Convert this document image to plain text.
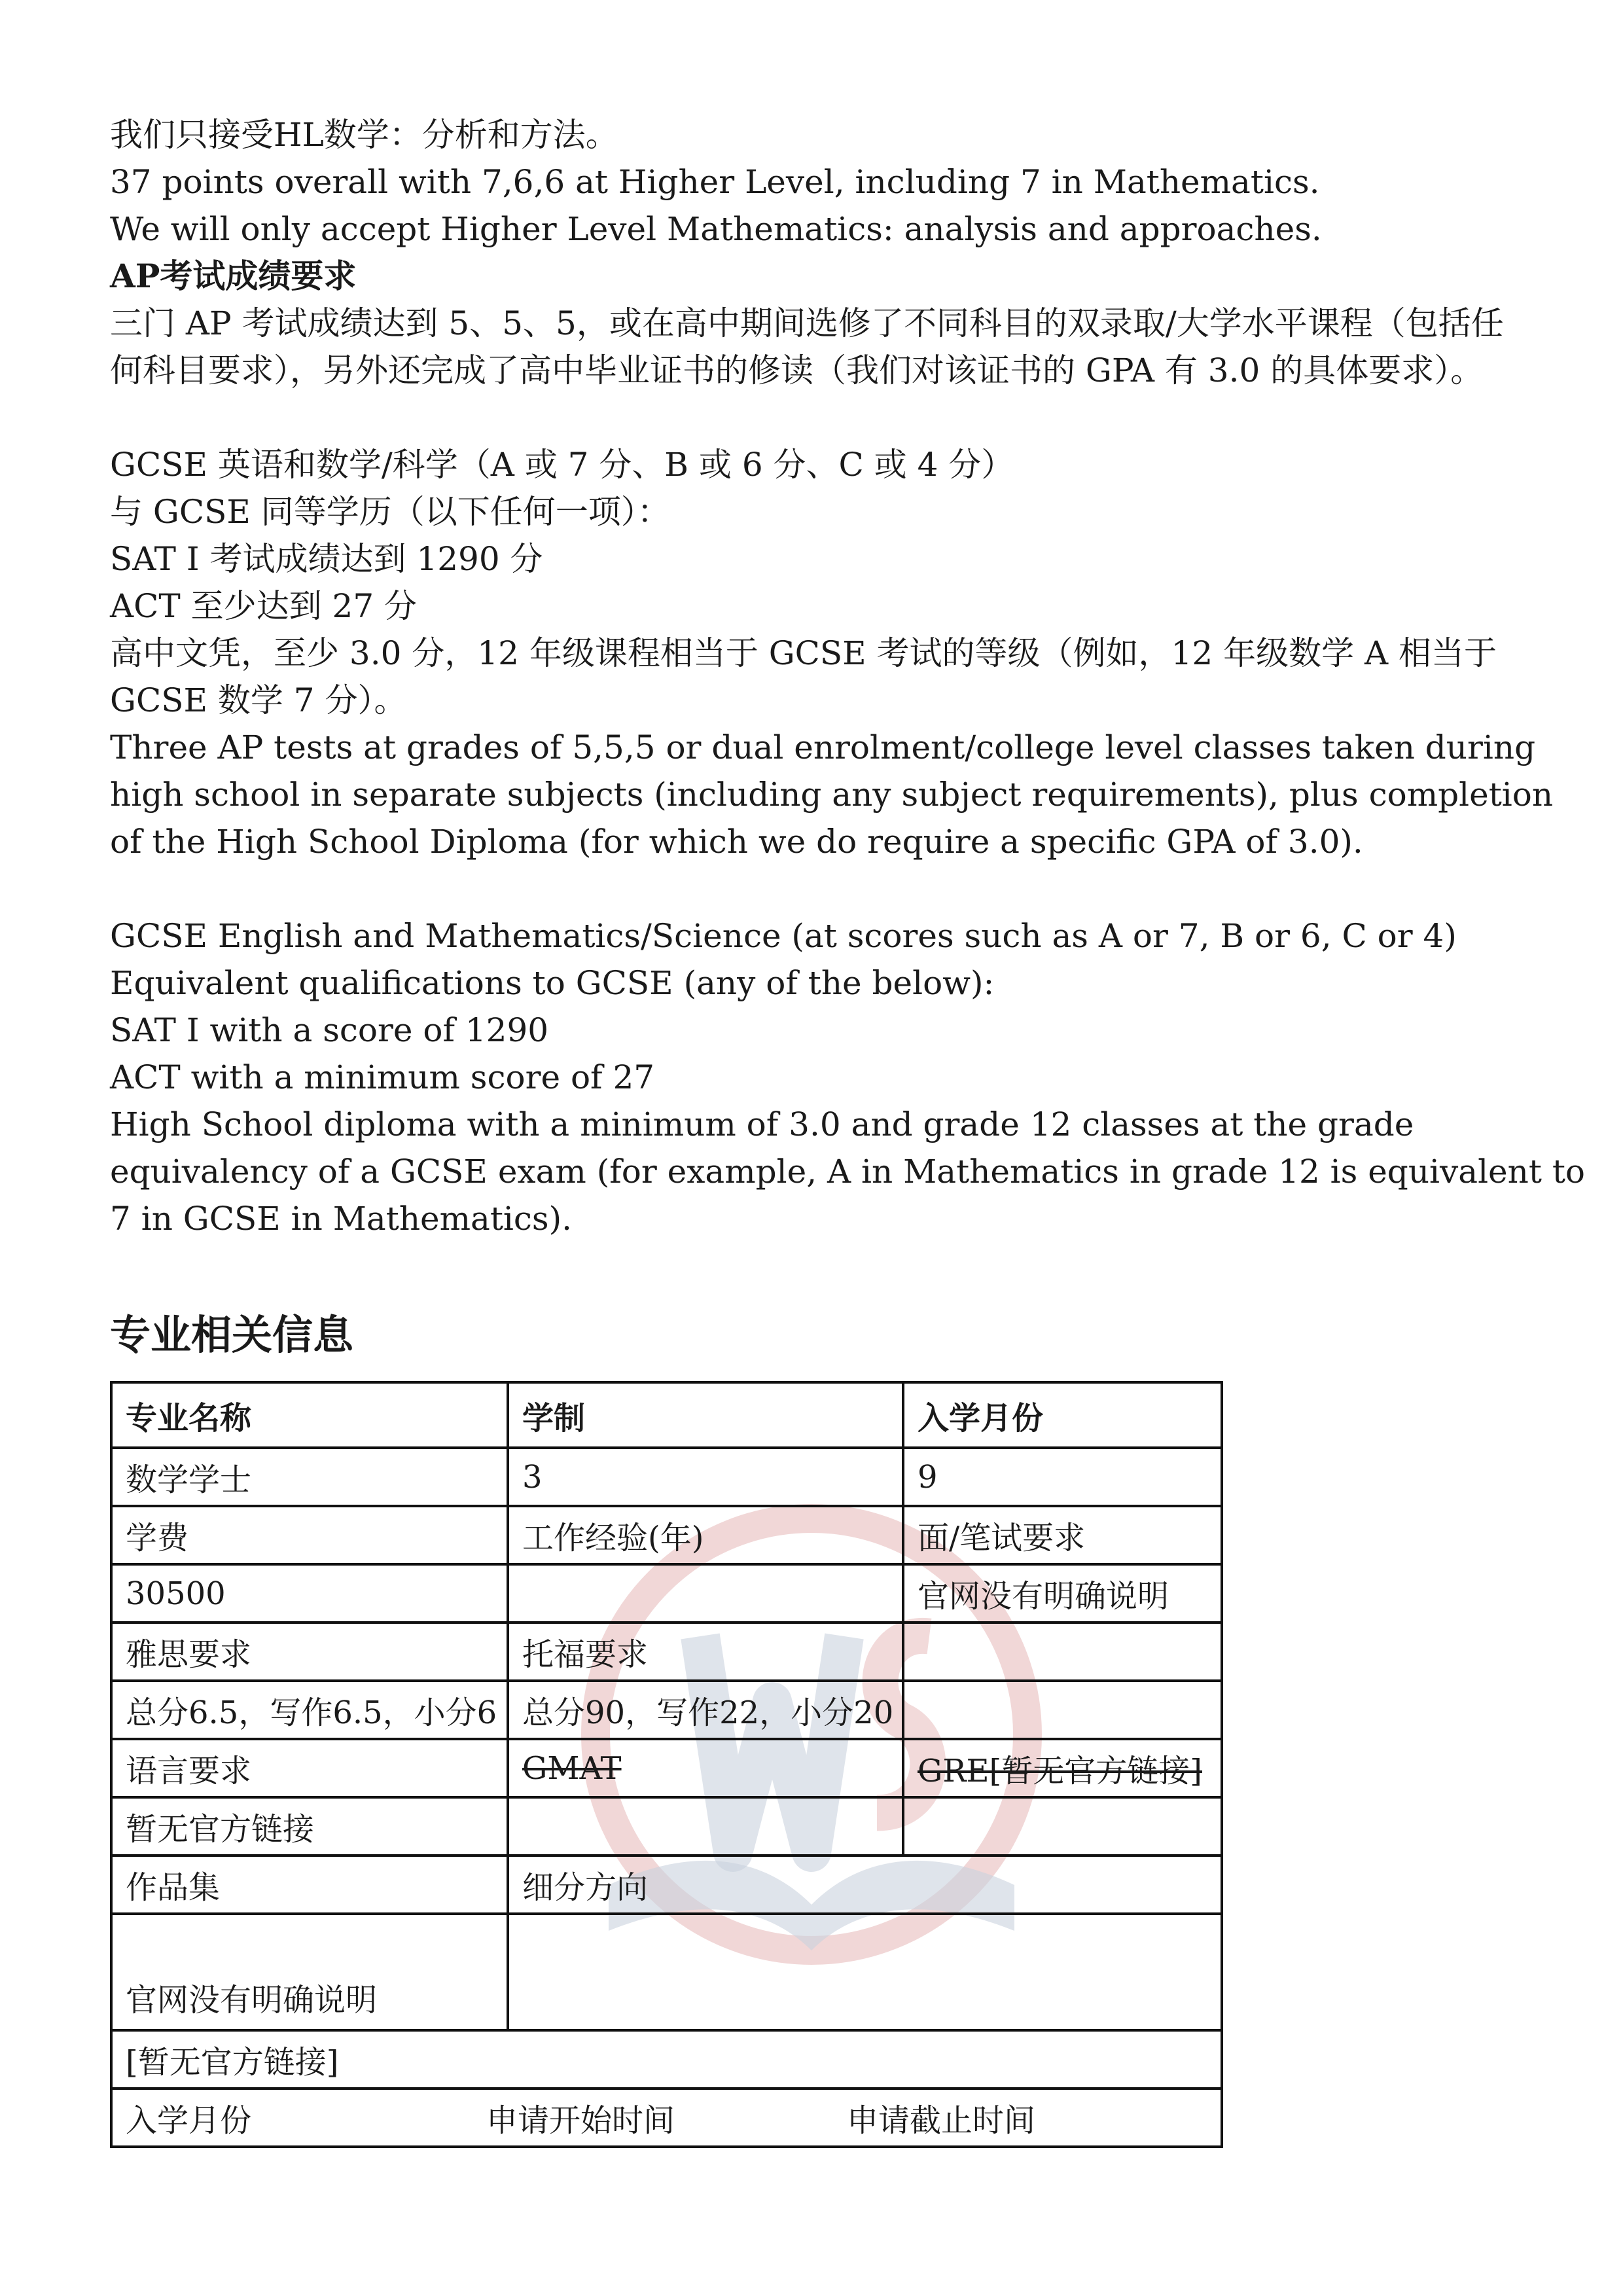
我们只接受HL数学：分析和方法。
37 points overall with 7,6,6 at Higher Level, including 7 in Mathematics.
We will only accept Higher Level Mathematics: analysis and approaches.
AP考试成绩要求
三门 AP 考试成绩达到 5、5、5，或在高中期间选修了不同科目的双录取/大学水平课程（包括任
何科目要求），另外还完成了高中毕业证书的修读（我们对该证书的 GPA 有 3.0 的具体要求）。
GCSE 英语和数学/科学（A 或 7 分、B 或 6 分、C 或 4 分）
与 GCSE 同等学历（以下任何一项）：
SAT I 考试成绩达到 1290 分
ACT 至少达到 27 分
高中文凭，至少 3.0 分，12 年级课程相当于 GCSE 考试的等级（例如，12 年级数学 A 相当于
GCSE 数学 7 分）。
Three AP tests at grades of 5,5,5 or dual enrolment/college level classes taken during
high school in separate subjects (including any subject requirements), plus completion
of the High School Diploma (for which we do require a specific GPA of 3.0).
GCSE English and Mathematics/Science (at scores such as A or 7, B or 6, C or 4)
Equivalent qualifications to GCSE (any of the below):
SAT I with a score of 1290
ACT with a minimum score of 27
High School diploma with a minimum of 3.0 and grade 12 classes at the grade
equivalency of a GCSE exam (for example, A in Mathematics in grade 12 is equivalent to
7 in GCSE in Mathematics).
专业相关信息
专业名称	学制	入学月份
数学学士	3	9
学费	工作经验(年)	面/笔试要求
30500		官网没有明确说明
雅思要求	托福要求	
总分6.5，写作6.5，小分6	总分90，写作22，小分20	
语言要求	GMAT	GRE[暂无官方链接]
暂无官方链接		
作品集	细分方向	
官网没有明确说明		
[暂无官方链接]		

入学月份 申请开始时间 申请截止时间		
